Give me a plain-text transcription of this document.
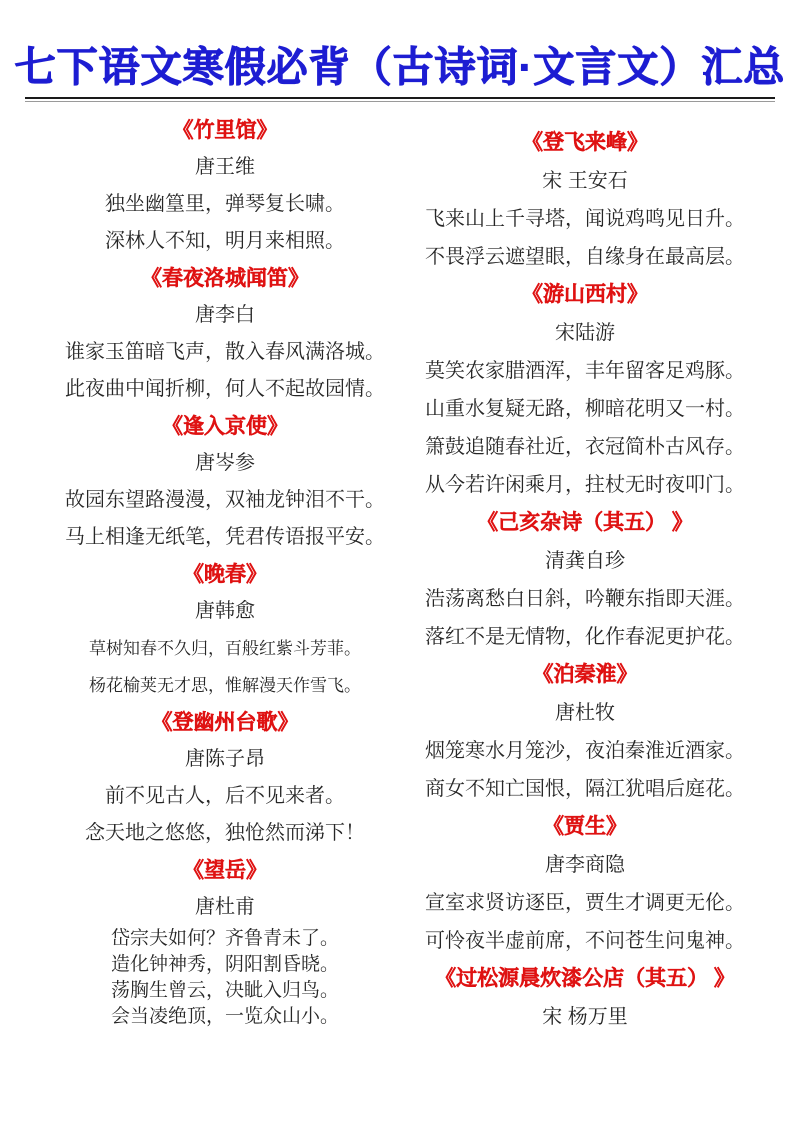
七下语文寒假必背（古诗词·文言文）汇总
《竹里馆》

唐王维

独坐幽篁里，弹琴复长啸。

深林人不知，明月来相照。

《春夜洛城闻笛》

唐李白

谁家玉笛暗飞声，散入春风满洛城。

此夜曲中闻折柳，何人不起故园情。

《逢入京使》

唐岑参

故园东望路漫漫，双袖龙钟泪不干。

马上相逢无纸笔，凭君传语报平安。

《晚春》

唐韩愈

草树知春不久归，百般红紫斗芳菲。

杨花榆荚无才思，惟解漫天作雪飞。

《登幽州台歌》

唐陈子昂

前不见古人，后不见来者。

念天地之悠悠，独怆然而涕下！

《望岳》

唐杜甫

岱宗夫如何？齐鲁青未了。

造化钟神秀，阴阳割昏晓。

荡胸生曾云，决眦入归鸟。

会当凌绝顶，一览众山小。

《登飞来峰》

宋 王安石

飞来山上千寻塔，闻说鸡鸣见日升。

不畏浮云遮望眼，自缘身在最高层。

《游山西村》

宋陆游

莫笑农家腊酒浑，丰年留客足鸡豚。

山重水复疑无路，柳暗花明又一村。

箫鼓追随春社近，衣冠简朴古风存。

从今若许闲乘月，拄杖无时夜叩门。

《己亥杂诗（其五） 》

清龚自珍

浩荡离愁白日斜，吟鞭东指即天涯。

落红不是无情物，化作春泥更护花。

《泊秦淮》

唐杜牧

烟笼寒水月笼沙，夜泊秦淮近酒家。

商女不知亡国恨，隔江犹唱后庭花。

《贾生》

唐李商隐

宣室求贤访逐臣，贾生才调更无伦。

可怜夜半虚前席，不问苍生问鬼神。

《过松源晨炊漆公店（其五） 》

宋 杨万里
